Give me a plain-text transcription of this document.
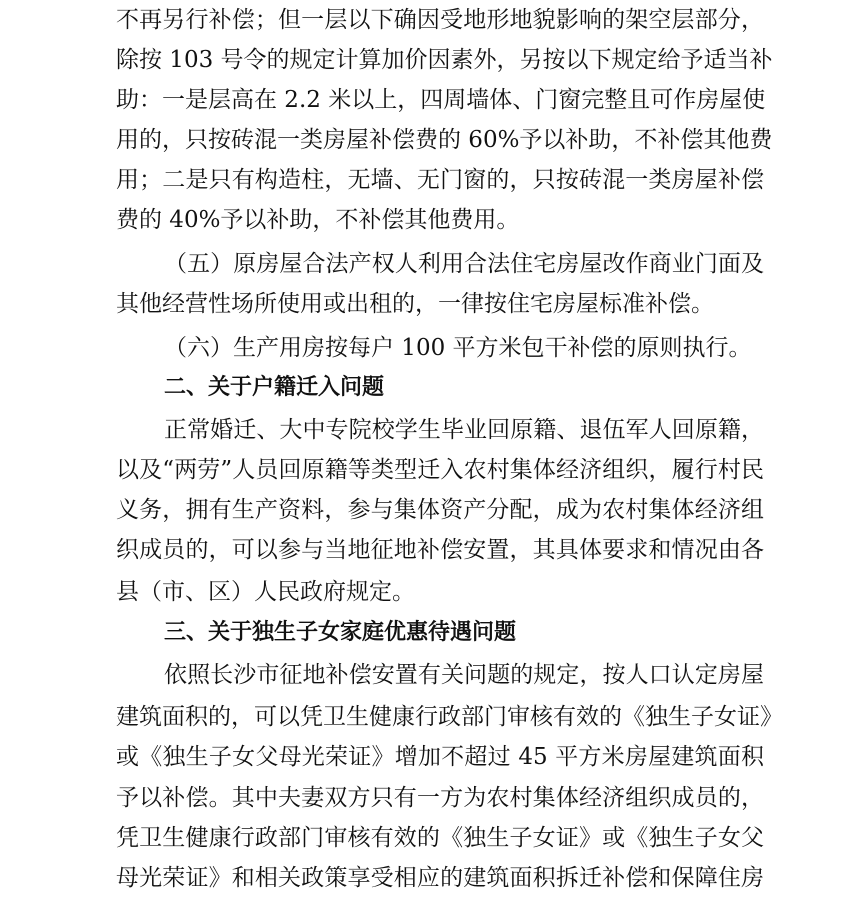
不再另行补偿；但一层以下确因受地形地貌影响的架空层部分，
除按 103 号令的规定计算加价因素外，另按以下规定给予适当补
助：一是层高在 2.2 米以上，四周墙体、门窗完整且可作房屋使
用的，只按砖混一类房屋补偿费的 60%予以补助，不补偿其他费
用；二是只有构造柱，无墙、无门窗的，只按砖混一类房屋补偿
费的 40%予以补助，不补偿其他费用。
（五）原房屋合法产权人利用合法住宅房屋改作商业门面及
其他经营性场所使用或出租的，一律按住宅房屋标准补偿。
（六）生产用房按每户 100 平方米包干补偿的原则执行。
二、关于户籍迁入问题
正常婚迁、大中专院校学生毕业回原籍、退伍军人回原籍，
以及“两劳”人员回原籍等类型迁入农村集体经济组织，履行村民
义务，拥有生产资料，参与集体资产分配，成为农村集体经济组
织成员的，可以参与当地征地补偿安置，其具体要求和情况由各
县（市、区）人民政府规定。
三、关于独生子女家庭优惠待遇问题
依照长沙市征地补偿安置有关问题的规定，按人口认定房屋
建筑面积的，可以凭卫生健康行政部门审核有效的《独生子女证》
或《独生子女父母光荣证》增加不超过 45 平方米房屋建筑面积
予以补偿。其中夫妻双方只有一方为农村集体经济组织成员的，
凭卫生健康行政部门审核有效的《独生子女证》或《独生子女父
母光荣证》和相关政策享受相应的建筑面积拆迁补偿和保障住房
